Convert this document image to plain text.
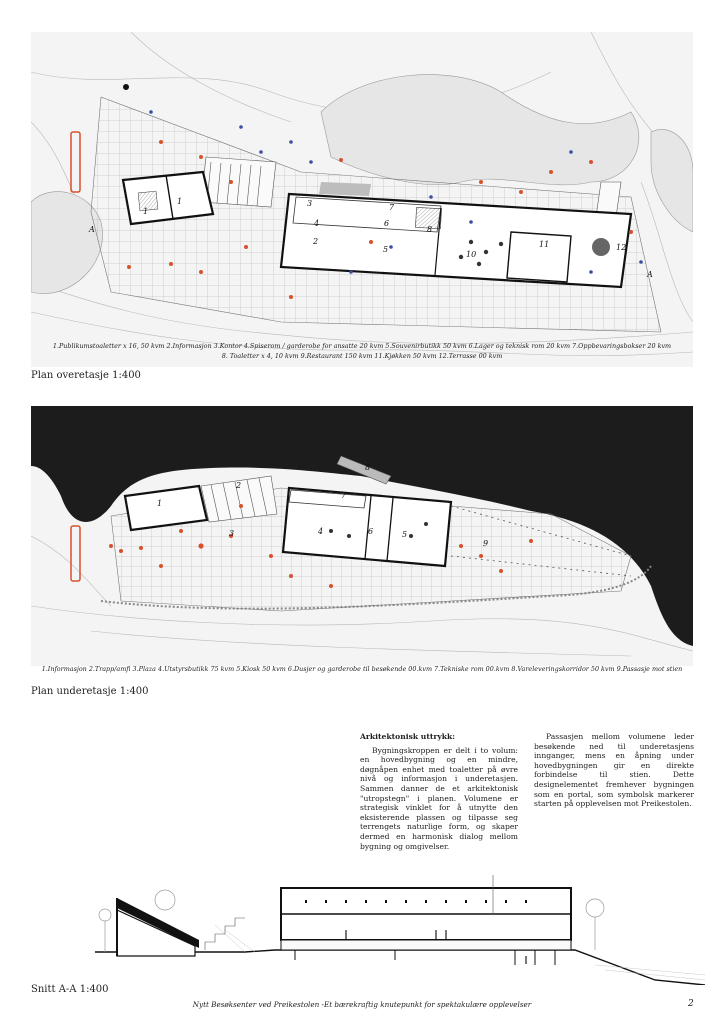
1
1
2
3
4
5
6
7
8
10
11	12
A
A
1.Publikumstoaletter x 16, 50 kvm 2.Informasjon 3.Kontor 4.Spiserom / garderobe for ansatte 20 kvm 5.Souvenirbutikk 50 kvm 6.Lager og teknisk rom 20 kvm 7.Oppbevaringsbokser 20 kvm
8. Toaletter x 4, 10 kvm 9.Restaurant 150 kvm 11.Kjøkken 50 kvm 12.Terrasse 00 kvm
Plan overetasje 1:400
1
2
3	4	5
6
7
8
9
1.Informasjon 2.Trapp/amfi 3.Plaza 4.Utstyrsbutikk 75 kvm 5.Kiosk 50 kvm 6.Dusjer og garderobe til besøkende 00.kvm 7.Tekniske rom 00.kvm 8.Vareleveringskorridor 50 kvm 9.Passasje mot stien
Plan underetasje 1:400
Arkitektonisk uttrykk:

Bygningskroppen er delt i to volum: en hovedbygning og en mindre, døgnåpen enhet med toaletter på øvre nivå og informasjon i underetasjen. Sammen danner de et arkitektonisk "utropstegn" i planen. Volumene er strategisk vinklet for å utnytte den eksisterende plassen og tilpasse seg terrengets naturlige form, og skaper dermed en harmonisk dialog mellom bygning og omgivelser.

Passasjen mellom volumene leder besøkende ned til underetasjens innganger, mens en åpning under hovedbygningen gir en direkte forbindelse til stien. Dette designelementet fremhever bygningen som en portal, som symbolsk markerer starten på opplevelsen mot Preikestolen.

Snitt A-A 1:400
Nytt Besøksenter ved Preikestolen -Et bærekraftig knutepunkt for spektakulære opplevelser	2
